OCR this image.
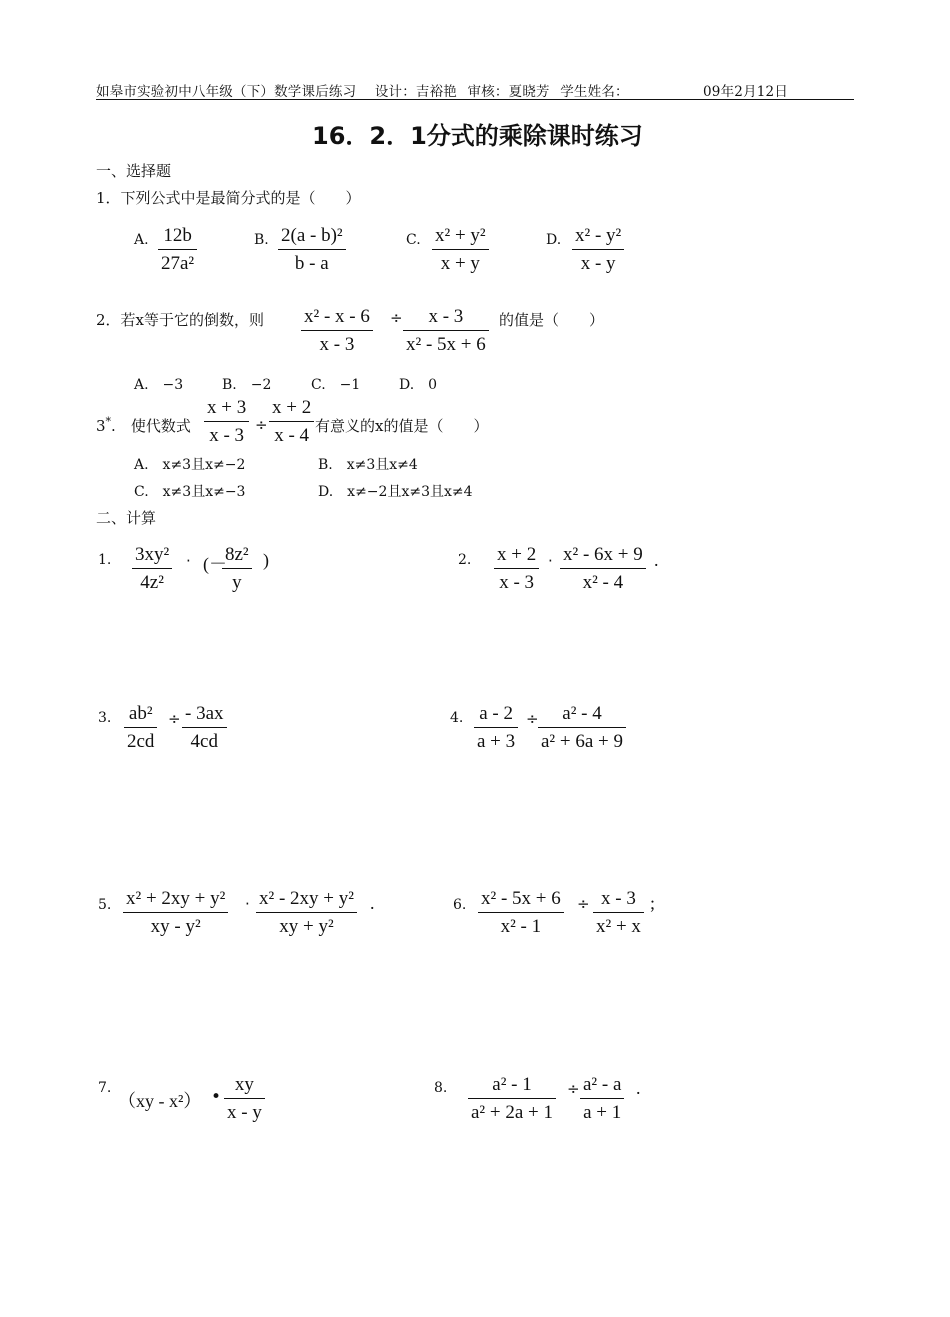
如皋市实验初中八年级（下）数学课后练习 设计：吉裕艳 审核：夏晓芳 学生姓名：	09年2月12日
16．2．1分式的乘除课时练习
一、选择题
1．下列公式中是最简分式的是（　　）
A. 12b
27a²
B. 2(a - b)²
b - a
C. x² + y²
x + y
D. x² - y²
x - y
2．若x等于它的倒数，则 x² - x - 6
x - 3
÷ x - 3
x² - 5x + 6
的值是（　　）
A.　−3	B.　−2	C.　−1	D.　0
3*.　使代数式
x + 3
x - 3 ÷
x + 2
x - 4 有意义的x的值是（　　）
A.　x≠3且x≠−2	B.　x≠3且x≠4
C.　x≠3且x≠−3	D.　x≠−2且x≠3且x≠4
二、计算
1. 3xy²
4z²
· (－
8z²
y
)	2. x + 2
x - 3
· x² - 6x + 9
x² - 4
.
3. ab²
2cd
÷ - 3ax
4cd
4. a - 2
a + 3
÷ a² - 4
a² + 6a + 9
5. x² + 2xy + y²
xy - y²
· x² - 2xy + y²
xy + y²
.	6. x² - 5x + 6
x² - 1
÷ x - 3
x² + x
;
7.
（xy - x²） •
xy
x - y
8. a² - 1
a² + 2a + 1
÷ a² - a
a + 1
.
